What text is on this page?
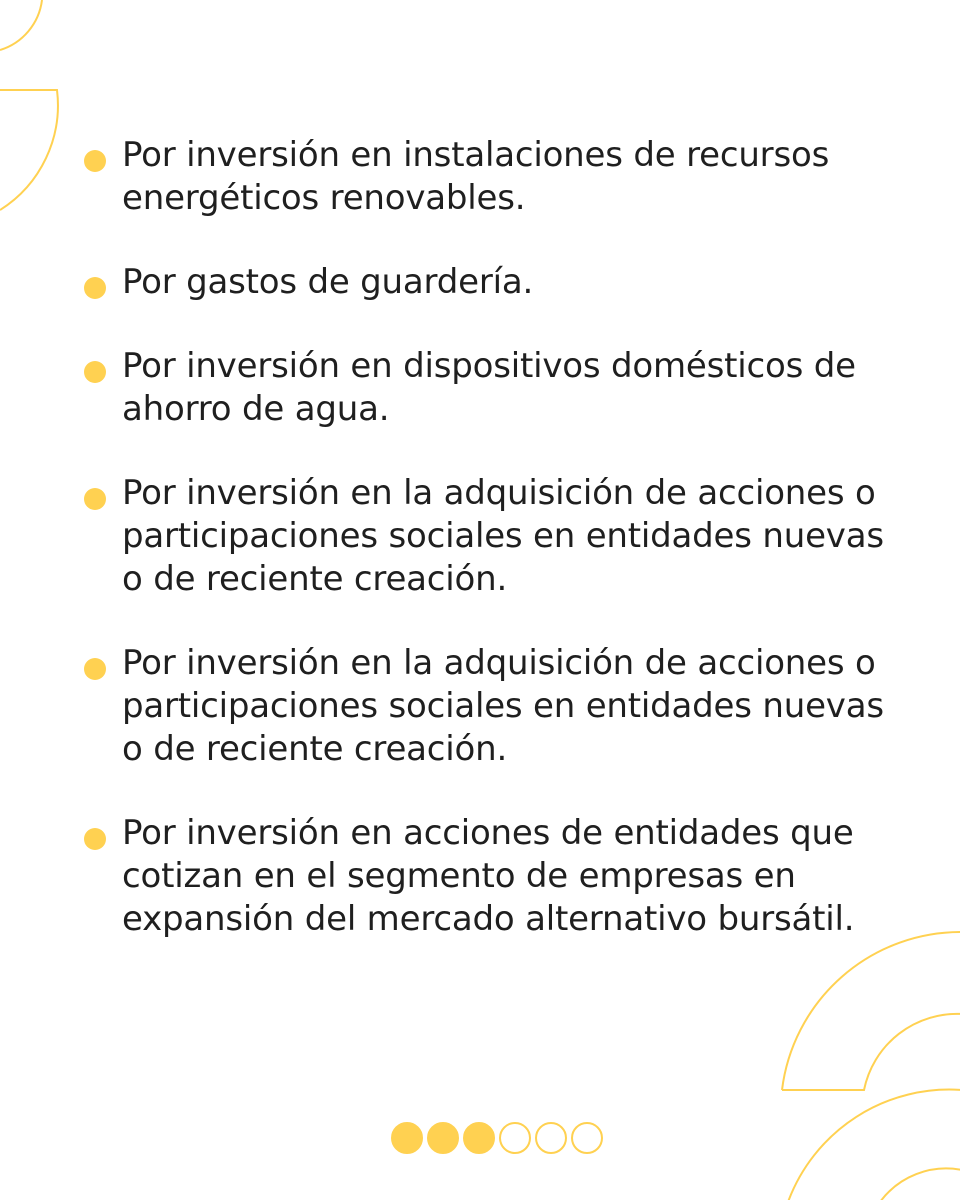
Por inversión en instalaciones de recursos energéticos renovables.
Por gastos de guardería.
Por inversión en dispositivos domésticos de ahorro de agua.
Por inversión en la adquisición de acciones o participaciones sociales en entidades nuevas o de reciente creación.
Por inversión en la adquisición de acciones o participaciones sociales en entidades nuevas o de reciente creación.
Por inversión en acciones de entidades que cotizan en el segmento de empresas en expansión del mercado alternativo bursátil.
